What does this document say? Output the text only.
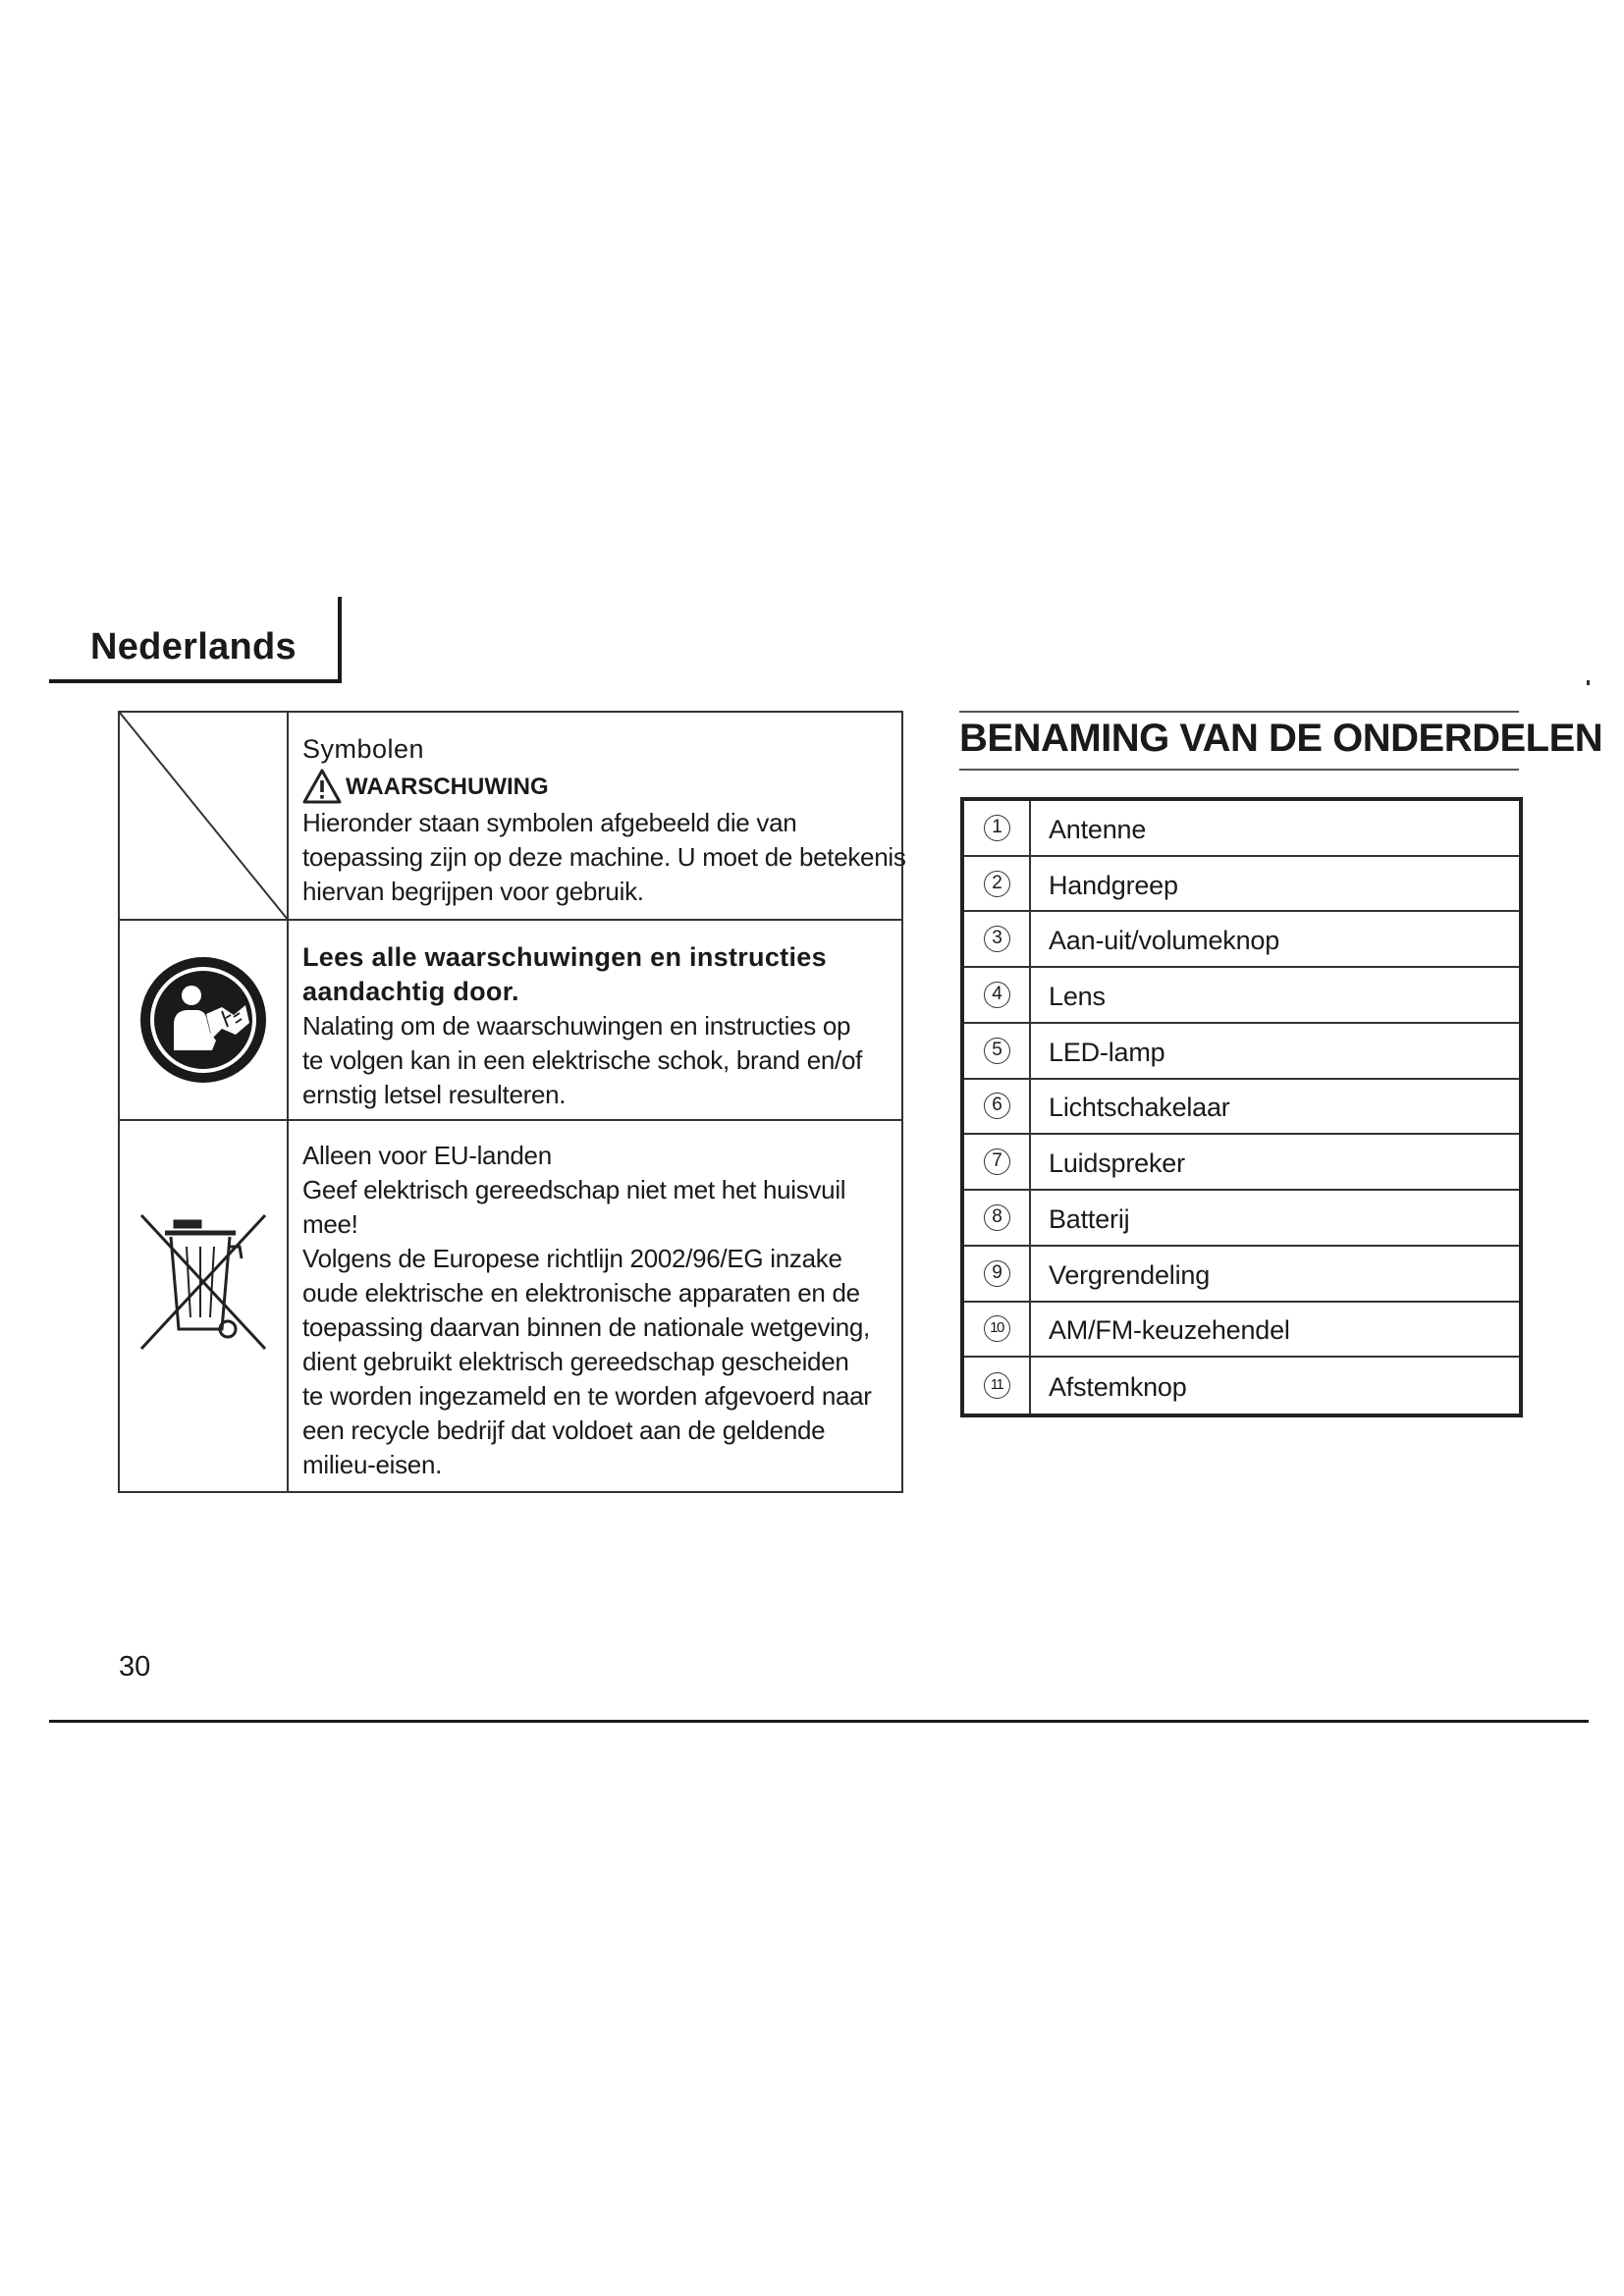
Nederlands
Symbolen
WAARSCHUWING
Hieronder staan symbolen afgebeeld die van
toepassing zijn op deze machine. U moet de betekenis
hiervan begrijpen voor gebruik.
Lees alle waarschuwingen en instructies
aandachtig door.
Nalating om de waarschuwingen en instructies op
te volgen kan in een elektrische schok, brand en/of
ernstig letsel resulteren.
Alleen voor EU-landen
Geef elektrisch gereedschap niet met het huisvuil
mee!
Volgens de Europese richtlijn 2002/96/EG inzake
oude elektrische en elektronische apparaten en de
toepassing daarvan binnen de nationale wetgeving,
dient gebruikt elektrisch gereedschap gescheiden
te worden ingezameld en te worden afgevoerd naar
een recycle bedrijf dat voldoet aan de geldende
milieu-eisen.
BENAMING VAN DE ONDERDELEN
1	Antenne
2	Handgreep
3	Aan-uit/volumeknop
4	Lens
5	LED-lamp
6	Lichtschakelaar
7	Luidspreker
8	Batterij
9	Vergrendeling
10 AM/FM-keuzehendel
11 Afstemknop
30
